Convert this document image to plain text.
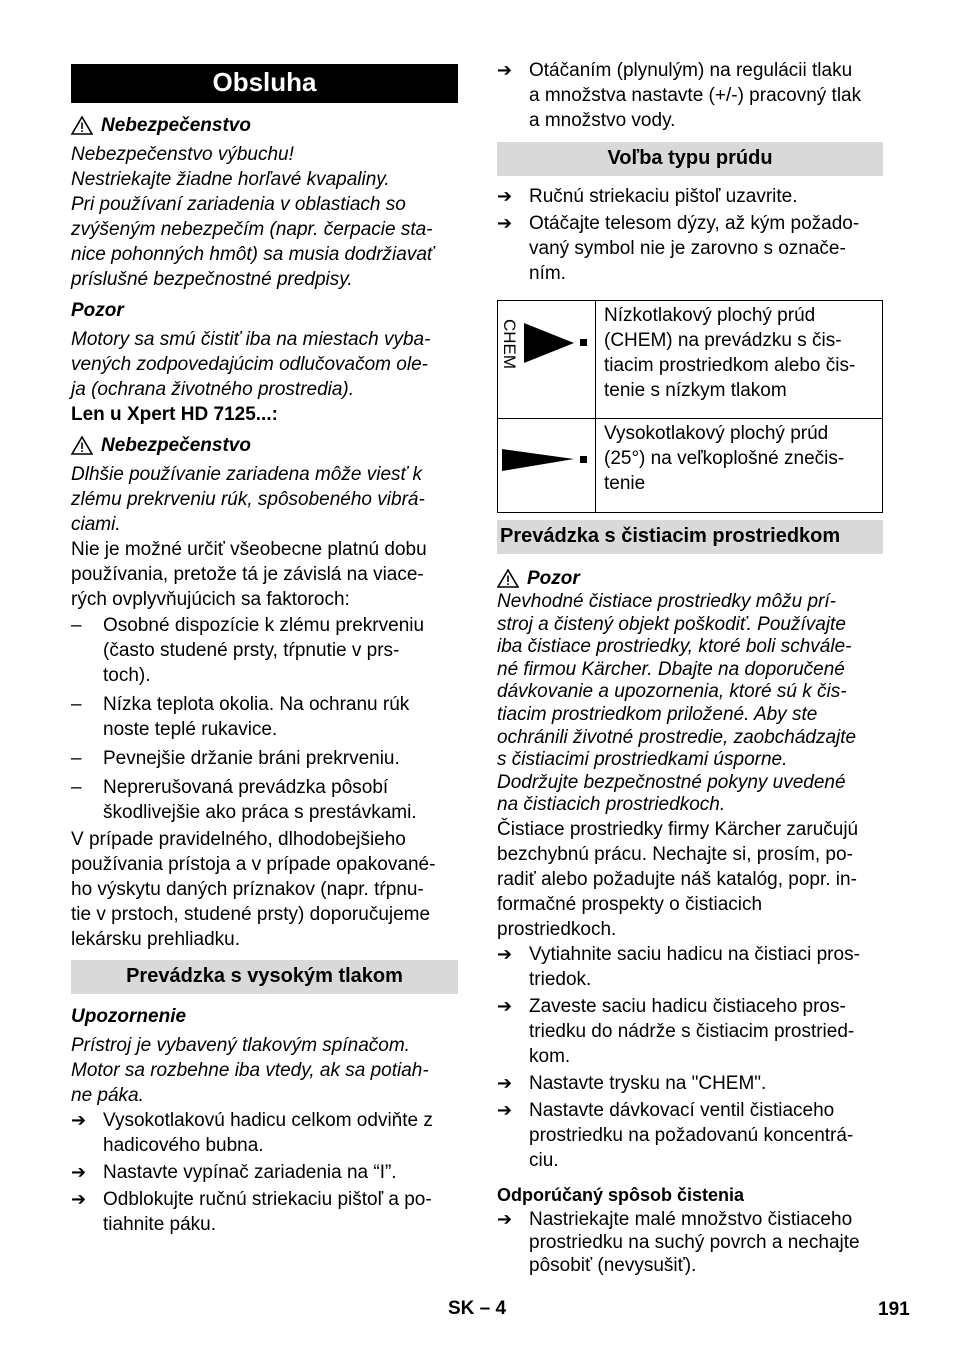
Obsluha
Nebezpečenstvo

Nebezpečenstvo výbuchu!

Nestriekajte žiadne horľavé kvapaliny.

Pri používaní zariadenia v oblastiach so

zvýšeným nebezpečím (napr. čerpacie sta-

nice pohonných hmôt) sa musia dodržiavať

príslušné bezpečnostné predpisy.

Pozor

Motory sa smú čistiť iba na miestach vyba-

vených zodpovedajúcim odlučovačom ole-

ja (ochrana životného prostredia).

Len u Xpert HD 7125...:

Nebezpečenstvo

Dlhšie používanie zariadena môže viesť k

zlému prekrveniu rúk, spôsobeného vibrá-

ciami.

Nie je možné určiť všeobecne platnú dobu

používania, pretože tá je závislá na viace-

rých ovplyvňujúcich sa faktoroch:

–	Osobné dispozície k zlému prekrveniu

(často studené prsty, tŕpnutie v prs-

toch).

–	Nízka teplota okolia. Na ochranu rúk

noste teplé rukavice.

–	Pevnejšie držanie bráni prekrveniu.

–	Neprerušovaná prevádzka pôsobí

škodlivejšie ako práca s prestávkami.

V prípade pravidelného, dlhodobejšieho

používania prístoja a v prípade opakované-

ho výskytu daných príznakov (napr. tŕpnu-

tie v prstoch, studené prsty) doporučujeme

lekársku prehliadku.

Prevádzka s vysokým tlakom

Upozornenie

Prístroj je vybavený tlakovým spínačom.

Motor sa rozbehne iba vtedy, ak sa potiah-

ne páka.

➔ Vysokotlakovú hadicu celkom odviňte z

hadicového bubna.

➔ Nastavte vypínač zariadenia na “I”.

➔ Odblokujte ručnú striekaciu pištoľ a po-

tiahnite páku.

➔ Otáčaním (plynulým) na regulácii tlaku

a množstva nastavte (+/-) pracovný tlak

a množstvo vody.

Voľba typu prúdu
➔ Ručnú striekaciu pištoľ uzavrite.

➔ Otáčajte telesom dýzy, až kým požado-

vaný symbol nie je zarovno s označe-

ním.

CHEM	Nízkotlakový plochý prúd

(CHEM) na prevádzku s čis-

tiacim prostriedkom alebo čis-

tenie s nízkym tlakom

Vysokotlakový plochý prúd

(25°) na veľkoplošné znečis-

tenie

Prevádzka s čistiacim prostriedkom
Pozor

Nevhodné čistiace prostriedky môžu prí-

stroj a čistený objekt poškodiť. Používajte

iba čistiace prostriedky, ktoré boli schvále-

né firmou Kärcher. Dbajte na doporučené

dávkovanie a upozornenia, ktoré sú k čis-

tiacim prostriedkom priložené. Aby ste

ochránili životné prostredie, zaobchádzajte

s čistiacimi prostriedkami úsporne.

Dodržujte bezpečnostné pokyny uvedené

na čistiacich prostriedkoch.

Čistiace prostriedky firmy Kärcher zaručujú

bezchybnú prácu. Nechajte si, prosím, po-

radiť alebo požadujte náš katalóg, popr. in-

formačné prospekty o čistiacich

prostriedkoch.

➔ Vytiahnite saciu hadicu na čistiaci pros-

triedok.

➔ Zaveste saciu hadicu čistiaceho pros-

triedku do nádrže s čistiacim prostried-

kom.

➔ Nastavte trysku na "CHEM".

➔ Nastavte dávkovací ventil čistiaceho

prostriedku na požadovanú koncentrá-

ciu.

Odporúčaný spôsob čistenia

➔ Nastriekajte malé množstvo čistiaceho

prostriedku na suchý povrch a nechajte

pôsobiť (nevysušiť).

SK – 4	191
